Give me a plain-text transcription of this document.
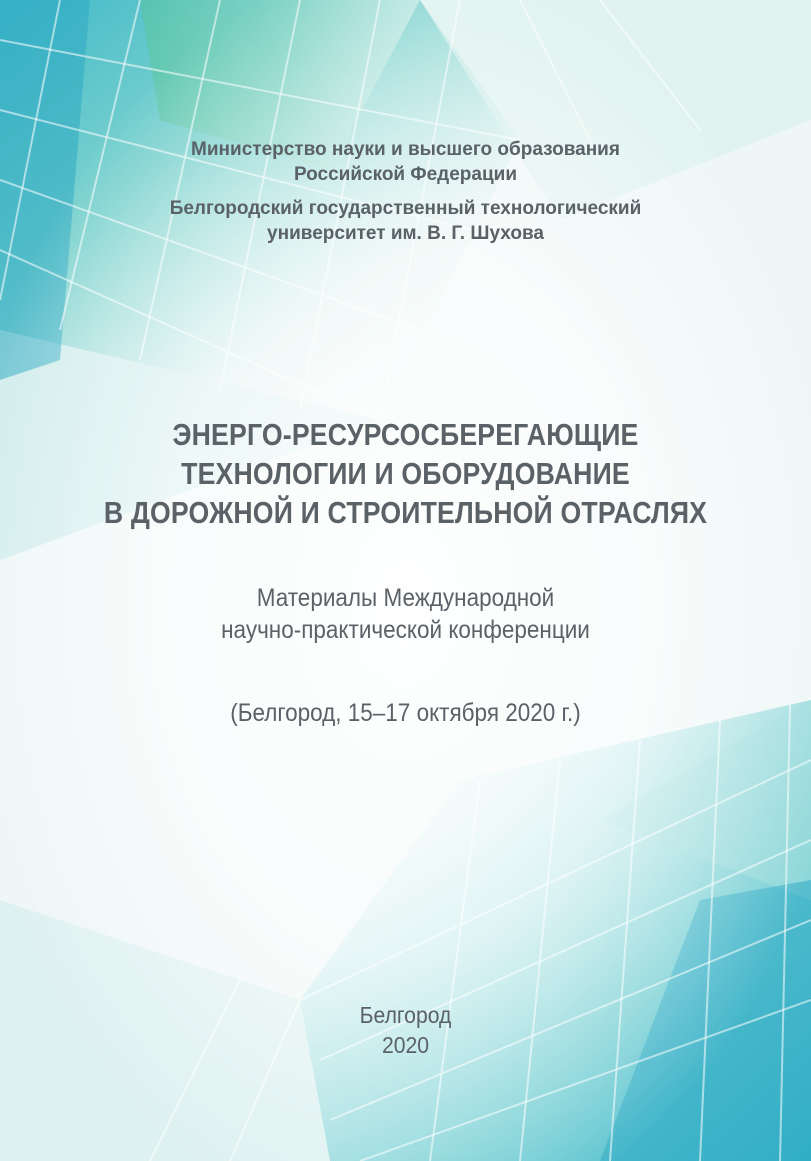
Министерство науки и высшего образования
Российской Федерации
Белгородский государственный технологический
университет им. В. Г. Шухова
ЭНЕРГО-РЕСУРСОСБЕРЕГАЮЩИЕ
ТЕХНОЛОГИИ И ОБОРУДОВАНИЕ
В ДОРОЖНОЙ И СТРОИТЕЛЬНОЙ ОТРАСЛЯХ
Материалы Международной
научно-практической конференции
(Белгород, 15–17 октября 2020 г.)
Белгород
2020
